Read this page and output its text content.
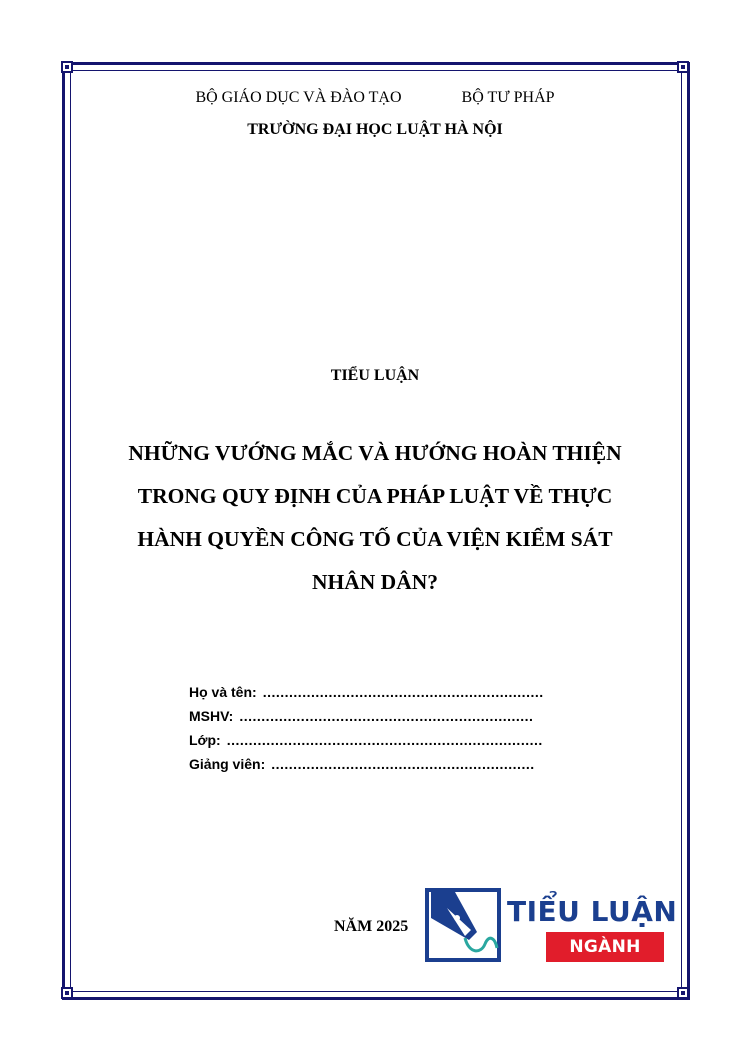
BỘ GIÁO DỤC VÀ ĐÀO TẠO	BỘ TƯ PHÁP
TRƯỜNG ĐẠI HỌC LUẬT HÀ NỘI
TIỂU LUẬN
NHỮNG VƯỚNG MẮC VÀ HƯỚNG HOÀN THIỆN
TRONG QUY ĐỊNH CỦA PHÁP LUẬT VỀ THỰC
HÀNH QUYỀN CÔNG TỐ CỦA VIỆN KIỂM SÁT
NHÂN DÂN?
Họ và tên: ................................................................
MSHV: ...................................................................
Lớp: ........................................................................
Giảng viên: ............................................................
NĂM 2025	TIỂU LUẬN
NGÀNH LUẬT
